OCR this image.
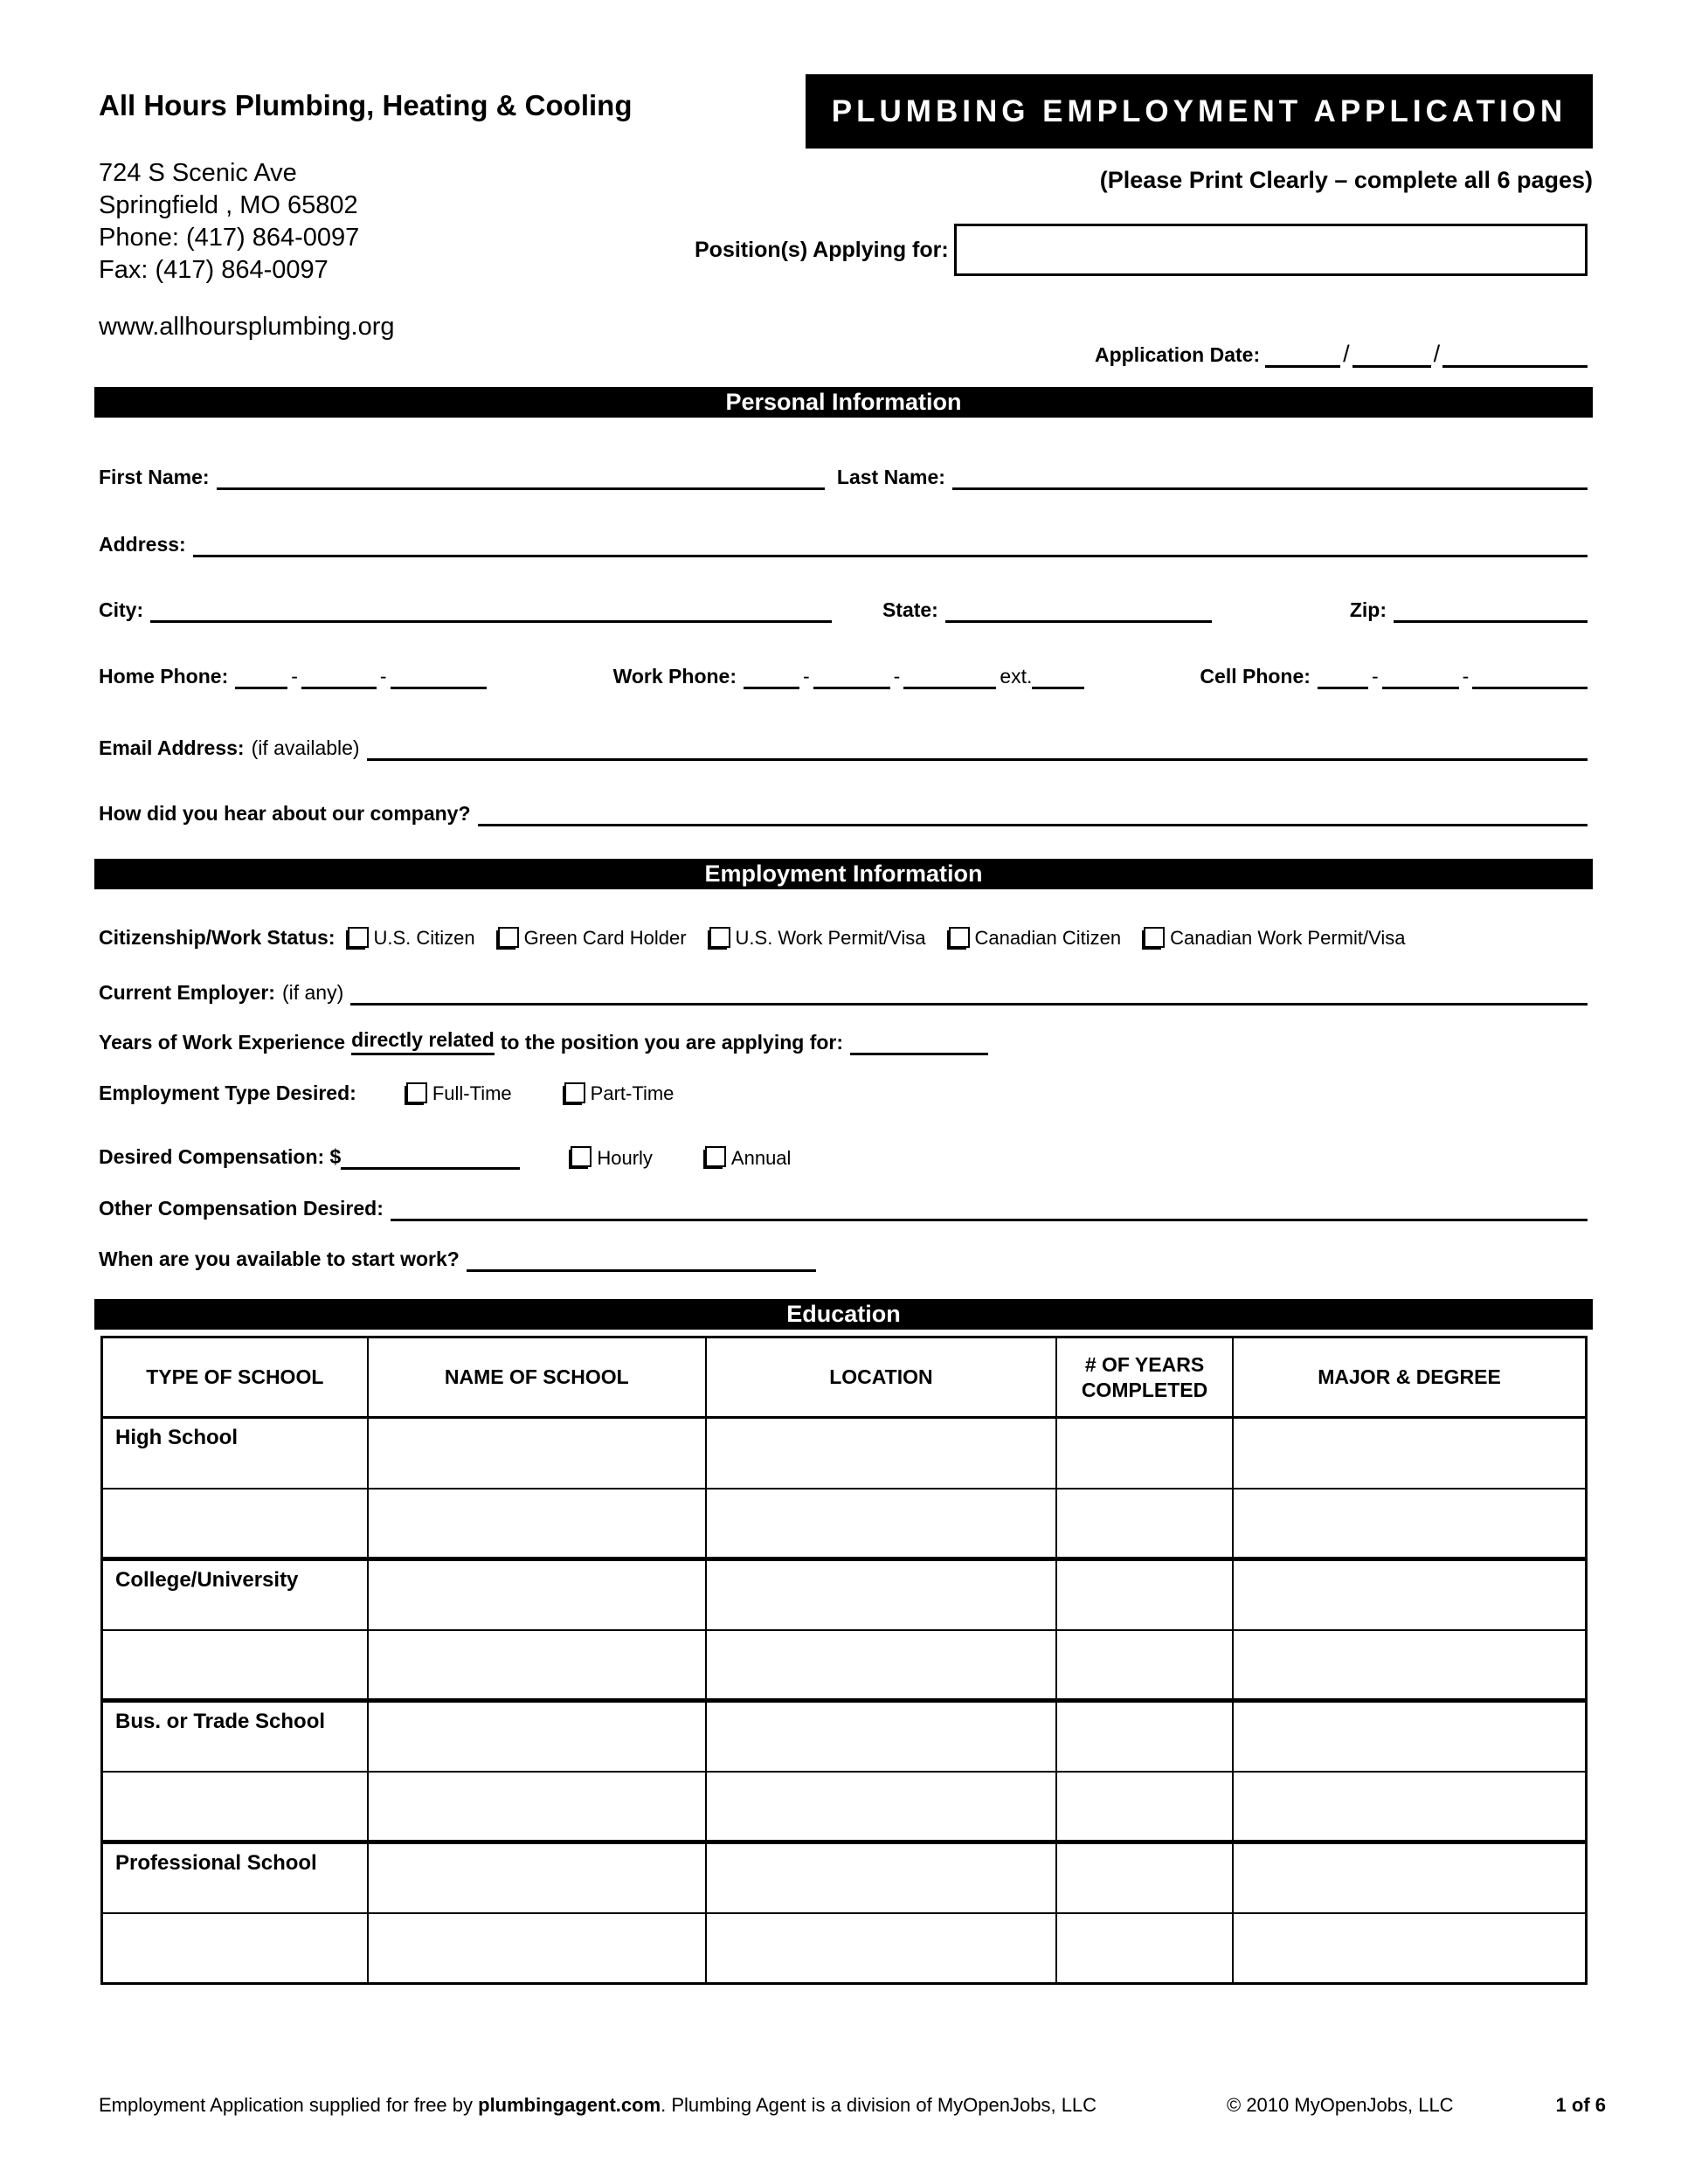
All Hours Plumbing, Heating & Cooling
724 S Scenic Ave
Springfield , MO 65802
Phone: (417) 864-0097
Fax: (417) 864-0097
www.allhoursplumbing.org
PLUMBING EMPLOYMENT APPLICATION
(Please Print Clearly – complete all 6 pages)
Position(s) Applying for:
Application Date:	/	/
Personal Information
First Name:	Last Name:
Address:
City:	State:	Zip:
Home Phone:	-	-	Work Phone:	-	-	ext.	Cell Phone:	-	-
Email Address: (if available)
How did you hear about our company?
Employment Information
Citizenship/Work Status: U.S. Citizen	Green Card Holder	U.S. Work Permit/Visa	Canadian Citizen	Canadian Work Permit/Visa
Current Employer: (if any)
Years of Work Experience directly related to the position you are applying for:
Employment Type Desired:	Full-Time	Part-Time
Desired Compensation: $	Hourly	Annual
Other Compensation Desired:
When are you available to start work?
Education
TYPE OF SCHOOL	NAME OF SCHOOL	LOCATION	# OF YEARS COMPLETED	MAJOR & DEGREE
High School				

College/University				

Bus. or Trade School				

Professional School				

Employment Application supplied for free by plumbingagent.com. Plumbing Agent is a division of MyOpenJobs, LLC	© 2010 MyOpenJobs, LLC	1 of 6
